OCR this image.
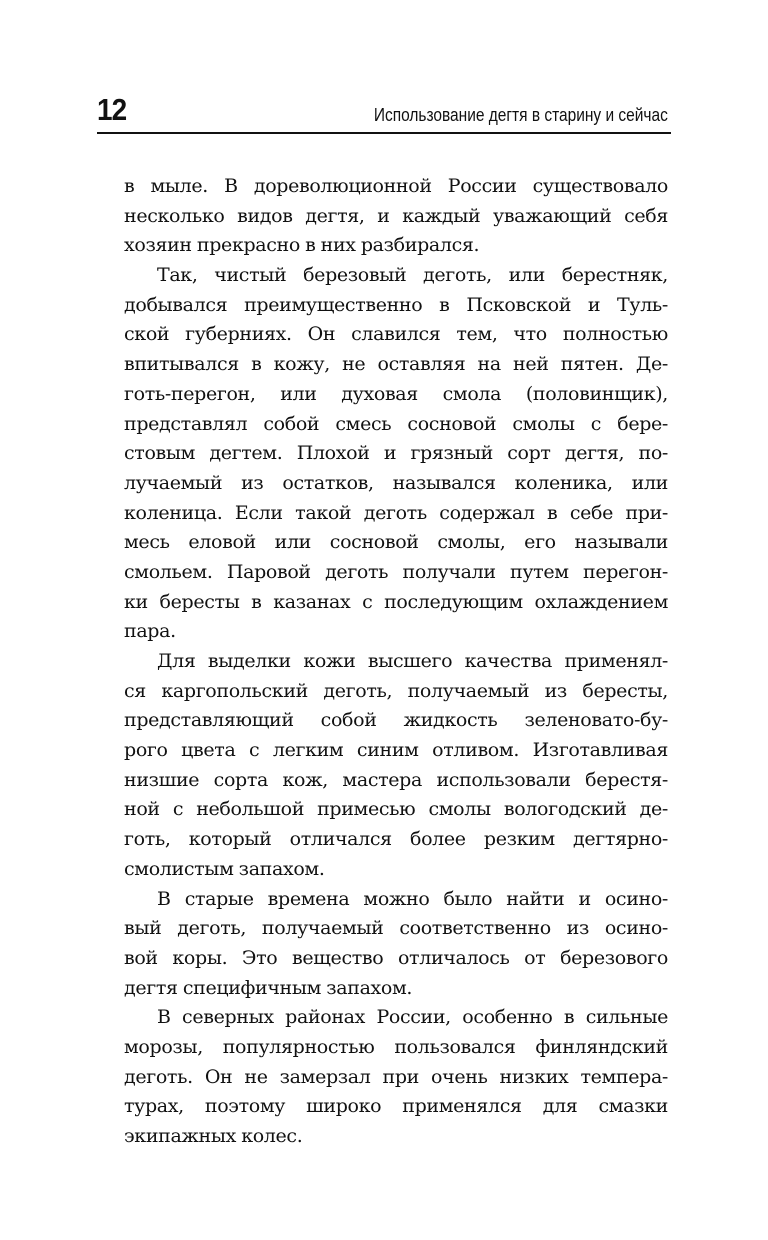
12	Использование дегтя в старину и сейчас
в мыле. В дореволюционной России существовало
несколько видов дегтя, и каждый уважающий себя
хозяин прекрасно в них разбирался.
Так, чистый березовый деготь, или берестняк,
добывался преимущественно в Псковской и Туль-
ской губерниях. Он славился тем, что полностью
впитывался в кожу, не оставляя на ней пятен. Де-
готь-перегон, или духовая смола (половинщик),
представлял собой смесь сосновой смолы с бере-
стовым дегтем. Плохой и грязный сорт дегтя, по-
лучаемый из остатков, назывался коленика, или
коленица. Если такой деготь содержал в себе при-
месь еловой или сосновой смолы, его называли
смольем. Паровой деготь получали путем перегон-
ки бересты в казанах с последующим охлаждением
пара.
Для выделки кожи высшего качества применял-
ся каргопольский деготь, получаемый из бересты,
представляющий собой жидкость зеленовато-бу-
рого цвета с легким синим отливом. Изготавливая
низшие сорта кож, мастера использовали берестя-
ной с небольшой примесью смолы вологодский де-
готь, который отличался более резким дегтярно-
смолистым запахом.
В старые времена можно было найти и осино-
вый деготь, получаемый соответственно из осино-
вой коры. Это вещество отличалось от березового
дегтя специфичным запахом.
В северных районах России, особенно в сильные
морозы, популярностью пользовался финляндский
деготь. Он не замерзал при очень низких темпера-
турах, поэтому широко применялся для смазки
экипажных колес.
